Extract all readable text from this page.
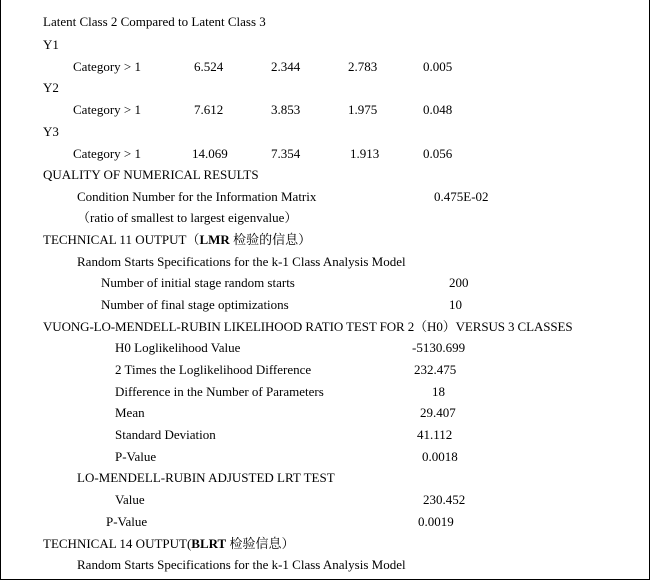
Latent Class 2 Compared to Latent Class 3
Y1
Category > 1	6.524	2.344	2.783	0.005
Y2
Category > 1	7.612	3.853	1.975	0.048
Y3
Category > 1	14.069	7.354	1.913	0.056
QUALITY OF NUMERICAL RESULTS
Condition Number for the Information Matrix	0.475E-02
（ratio of smallest to largest eigenvalue）
TECHNICAL 11 OUTPUT（LMR 检验的信息）
Random Starts Specifications for the k-1 Class Analysis Model
Number of initial stage random starts	200
Number of final stage optimizations	10
VUONG-LO-MENDELL-RUBIN LIKELIHOOD RATIO TEST FOR 2（H0）VERSUS 3 CLASSES
H0 Loglikelihood Value	-5130.699
2 Times the Loglikelihood Difference	232.475
Difference in the Number of Parameters	18
Mean	29.407
Standard Deviation	41.112
P-Value	0.0018
LO-MENDELL-RUBIN ADJUSTED LRT TEST
Value	230.452
P-Value	0.0019
TECHNICAL 14 OUTPUT(BLRT 检验信息）
Random Starts Specifications for the k-1 Class Analysis Model
